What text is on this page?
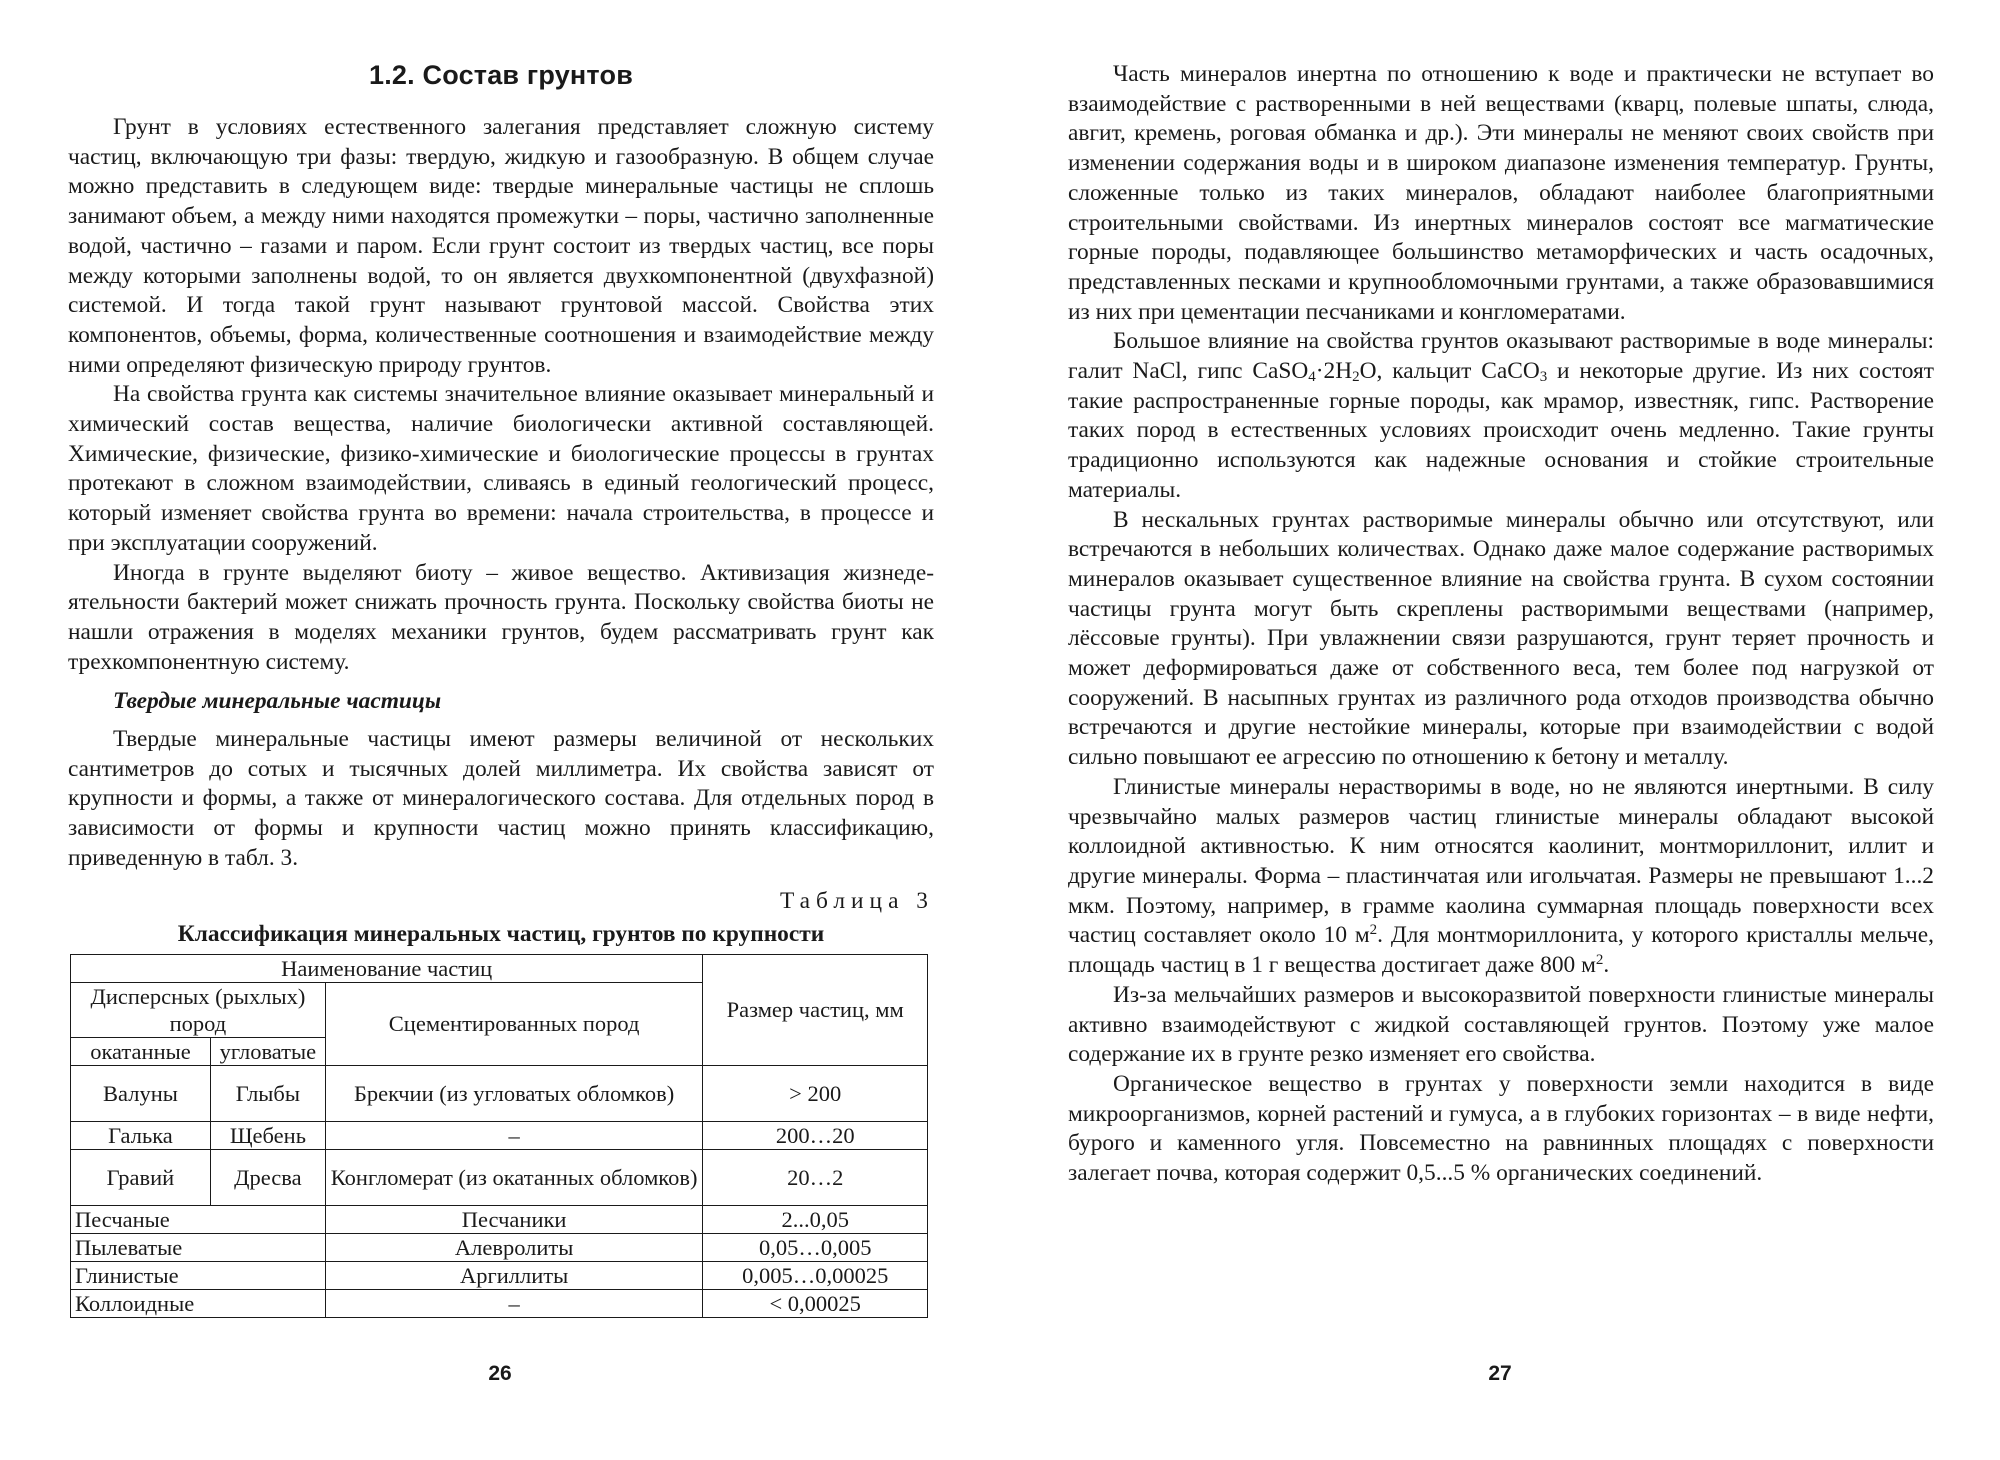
1.2. Состав грунтов

Грунт в условиях естественного залегания представляет сложную систему частиц, включающую три фазы: твердую, жидкую и газообразную. В общем случае можно представить в следующем виде: твердые минеральные частицы не сплошь занимают объем, а между ними находятся промежутки – поры, частично заполненные водой, частично – газами и паром. Если грунт состоит из твердых частиц, все поры между которыми заполнены водой, то он является двухкомпонентной (двухфазной) системой. И тогда такой грунт называют грунтовой массой. Свойства этих компонентов, объемы, форма, количественные соотношения и взаимодействие между ними определяют физическую природу грунтов.

На свойства грунта как системы значительное влияние оказывает минеральный и химический состав вещества, наличие биологически активной составляющей. Химические, физические, физико-химические и биологические процессы в грунтах протекают в сложном взаимодействии, сливаясь в единый геологический процесс, который изменяет свойства грунта во времени: начала строительства, в процессе и при эксплуатации сооружений.

Иногда в грунте выделяют биоту – живое вещество. Активизация жизнедеятельности бактерий может снижать прочность грунта. Поскольку свойства биоты не нашли отражения в моделях механики грунтов, будем рассматривать грунт как трехкомпонентную систему.

Твердые минеральные частицы

Твердые минеральные частицы имеют размеры величиной от нескольких сантиметров до сотых и тысячных долей миллиметра. Их свойства зависят от крупности и формы, а также от минералогического состава. Для отдельных пород в зависимости от формы и крупности частиц можно принять классификацию, приведенную в табл. 3.

Таблица 3
Классификация минеральных частиц, грунтов по крупности
Наименование частиц			Размер частиц, мм
Дисперсных (рыхлых) пород		Сцементированных пород	
окатанные	угловатые		
Валуны	Глыбы	Брекчии (из угловатых обломков)	> 200
Галька	Щебень	–	200…20
Гравий	Дресва	Конгломерат (из окатанных обломков)	20…2
Песчаные		Песчаники	2...0,05
Пылеватые		Алевролиты	0,05…0,005
Глинистые		Аргиллиты	0,005…0,00025
Коллоидные		–	< 0,00025
26

Часть минералов инертна по отношению к воде и практически не вступает во взаимодействие с растворенными в ней веществами (кварц, полевые шпаты, слюда, авгит, кремень, роговая обманка и др.). Эти минералы не меняют своих свойств при изменении содержания воды и в широком диапазоне изменения температур. Грунты, сложенные только из таких минералов, обладают наиболее благоприятными строительными свойствами. Из инертных минералов состоят все магматические горные породы, подавляющее большинство метаморфических и часть осадочных, представленных песками и крупнообломочными грунтами, а также образовавшимися из них при цементации песчаниками и конгломератами.

Большое влияние на свойства грунтов оказывают растворимые в воде минералы: галит NaCl, гипс $CaSO_4\cdot 2H_2O$, кальцит CaCO$_3$ и некоторые другие. Из них состоят такие распространенные горные породы, как мрамор, известняк, гипс. Растворение таких пород в естественных условиях происходит очень медленно. Такие грунты традиционно используются как надежные основания и стойкие строительные материалы.

В нескальных грунтах растворимые минералы обычно или отсутствуют, или встречаются в небольших количествах. Однако даже малое содержание растворимых минералов оказывает существенное влияние на свойства грунта. В сухом состоянии частицы грунта могут быть скреплены растворимыми веществами (например, лёссовые грунты). При увлажнении связи разрушаются, грунт теряет прочность и может деформироваться даже от собственного веса, тем более под нагрузкой от сооружений. В насыпных грунтах из различного рода отходов производства обычно встречаются и другие нестойкие минералы, которые при взаимодействии с водой сильно повышают ее агрессию по отношению к бетону и металлу.

Глинистые минералы нерастворимы в воде, но не являются инертными. В силу чрезвычайно малых размеров частиц глинистые минералы обладают высокой коллоидной активностью. К ним относятся каолинит, монтмориллонит, иллит и другие минералы. Форма – пластинчатая или игольчатая. Размеры не превышают 1...2 мкм. Поэтому, например, в грамме каолина суммарная площадь поверхности всех частиц составляет около 10 $м^2$. Для монтмориллонита, у которого кристаллы мельче, площадь частиц в 1 г вещества достигает даже 800 $м^2$.

Из-за мельчайших размеров и высокоразвитой поверхности глинистые минералы активно взаимодействуют с жидкой составляющей грунтов. Поэтому уже малое содержание их в грунте резко изменяет его свойства.

Органическое вещество в грунтах у поверхности земли находится в виде микроорганизмов, корней растений и гумуса, а в глубоких горизонтах – в виде нефти, бурого и каменного угля. Повсеместно на равнинных площадях с поверхности залегает почва, которая содержит 0,5...5 % органических соединений.

27
